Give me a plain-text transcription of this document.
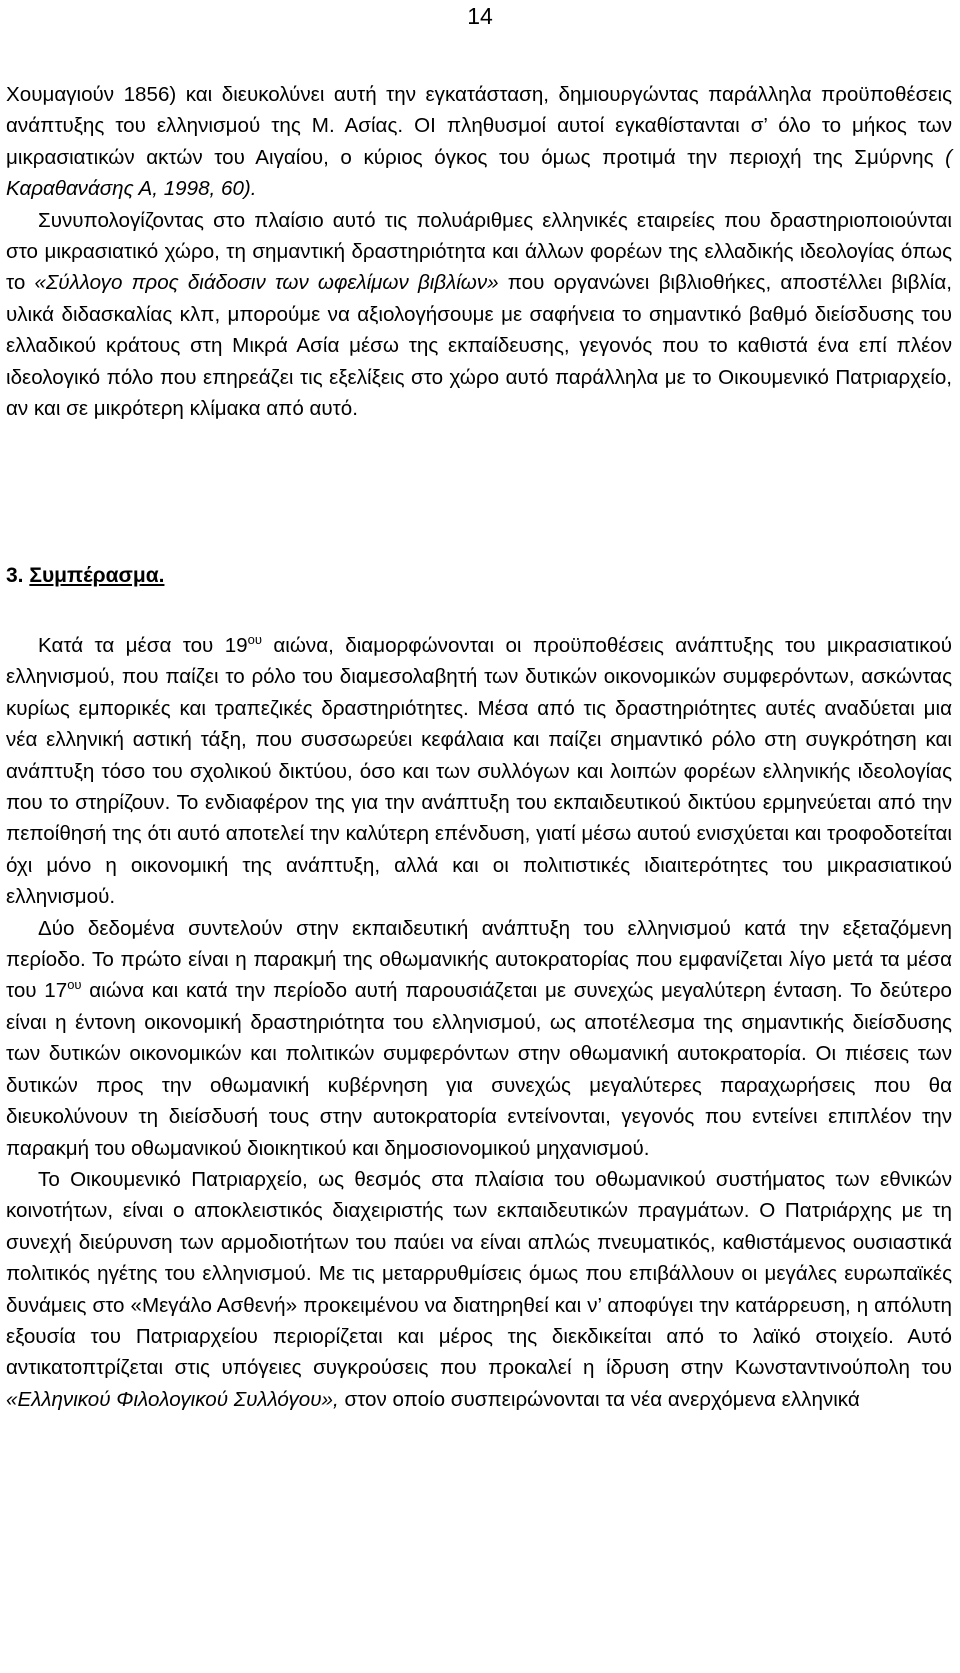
14

Χουμαγιούν 1856) και διευκολύνει αυτή την εγκατάσταση, δημιουργώντας παράλληλα προϋποθέσεις ανάπτυξης του ελληνισμού της Μ. Ασίας. ΟΙ πληθυσμοί αυτοί εγκαθίστανται σ’ όλο το μήκος των μικρασιατικών ακτών του Αιγαίου, ο κύριος όγκος του όμως προτιμά την περιοχή της Σμύρνης ( Καραθανάσης Α, 1998, 60).

Συνυπολογίζοντας στο πλαίσιο αυτό τις πολυάριθμες ελληνικές εταιρείες που δραστηριοποιούνται στο μικρασιατικό χώρο, τη σημαντική δραστηριότητα και άλλων φορέων της ελλαδικής ιδεολογίας όπως το «Σύλλογο προς διάδοσιν των ωφελίμων βιβλίων» που οργανώνει βιβλιοθήκες, αποστέλλει βιβλία, υλικά διδασκαλίας κλπ, μπορούμε να αξιολογήσουμε με σαφήνεια το σημαντικό βαθμό διείσδυσης του ελλαδικού κράτους στη Μικρά Ασία μέσω της εκπαίδευσης, γεγονός που το καθιστά ένα επί πλέον ιδεολογικό πόλο που επηρεάζει τις εξελίξεις στο χώρο αυτό παράλληλα με το Οικουμενικό Πατριαρχείο, αν και σε μικρότερη κλίμακα από αυτό.

3. Συμπέρασμα.

Κατά τα μέσα του $19^{o\upsilon}$ αιώνα, διαμορφώνονται οι προϋποθέσεις ανάπτυξης του μικρασιατικού ελληνισμού, που παίζει το ρόλο του διαμεσολαβητή των δυτικών οικονομικών συμφερόντων, ασκώντας κυρίως εμπορικές και τραπεζικές δραστηριότητες. Μέσα από τις δραστηριότητες αυτές αναδύεται μια νέα ελληνική αστική τάξη, που συσσωρεύει κεφάλαια και παίζει σημαντικό ρόλο στη συγκρότηση και ανάπτυξη τόσο του σχολικού δικτύου, όσο και των συλλόγων και λοιπών φορέων ελληνικής ιδεολογίας που το στηρίζουν. Το ενδιαφέρον της για την ανάπτυξη του εκπαιδευτικού δικτύου ερμηνεύεται από την πεποίθησή της ότι αυτό αποτελεί την καλύτερη επένδυση, γιατί μέσω αυτού ενισχύεται και τροφοδοτείται όχι μόνο η οικονομική της ανάπτυξη, αλλά και οι πολιτιστικές ιδιαιτερότητες του μικρασιατικού ελληνισμού.

Δύο δεδομένα συντελούν στην εκπαιδευτική ανάπτυξη του ελληνισμού κατά την εξεταζόμενη περίοδο. Το πρώτο είναι η παρακμή της οθωμανικής αυτοκρατορίας που εμφανίζεται λίγο μετά τα μέσα του $17^{o\upsilon}$ αιώνα και κατά την περίοδο αυτή παρουσιάζεται με συνεχώς μεγαλύτερη ένταση. Το δεύτερο είναι η έντονη οικονομική δραστηριότητα του ελληνισμού, ως αποτέλεσμα της σημαντικής διείσδυσης των δυτικών οικονομικών και πολιτικών συμφερόντων στην οθωμανική αυτοκρατορία. Οι πιέσεις των δυτικών προς την οθωμανική κυβέρνηση για συνεχώς μεγαλύτερες παραχωρήσεις που θα διευκολύνουν τη διείσδυσή τους στην αυτοκρατορία εντείνονται, γεγονός που εντείνει επιπλέον την παρακμή του οθωμανικού διοικητικού και δημοσιονομικού μηχανισμού.

Το Οικουμενικό Πατριαρχείο, ως θεσμός στα πλαίσια του οθωμανικού συστήματος των εθνικών κοινοτήτων, είναι ο αποκλειστικός διαχειριστής των εκπαιδευτικών πραγμάτων. Ο Πατριάρχης με τη συνεχή διεύρυνση των αρμοδιοτήτων του παύει να είναι απλώς πνευματικός, καθιστάμενος ουσιαστικά πολιτικός ηγέτης του ελληνισμού. Με τις μεταρρυθμίσεις όμως που επιβάλλουν οι μεγάλες ευρωπαϊκές δυνάμεις στο «Μεγάλο Ασθενή» προκειμένου να διατηρηθεί και ν’ αποφύγει την κατάρρευση, η απόλυτη εξουσία του Πατριαρχείου περιορίζεται και μέρος της διεκδικείται από το λαϊκό στοιχείο. Αυτό αντικατοπτρίζεται στις υπόγειες συγκρούσεις που προκαλεί η ίδρυση στην Κωνσταντινούπολη του «Ελληνικού Φιλολογικού Συλλόγου», στον οποίο συσπειρώνονται τα νέα ανερχόμενα ελληνικά
